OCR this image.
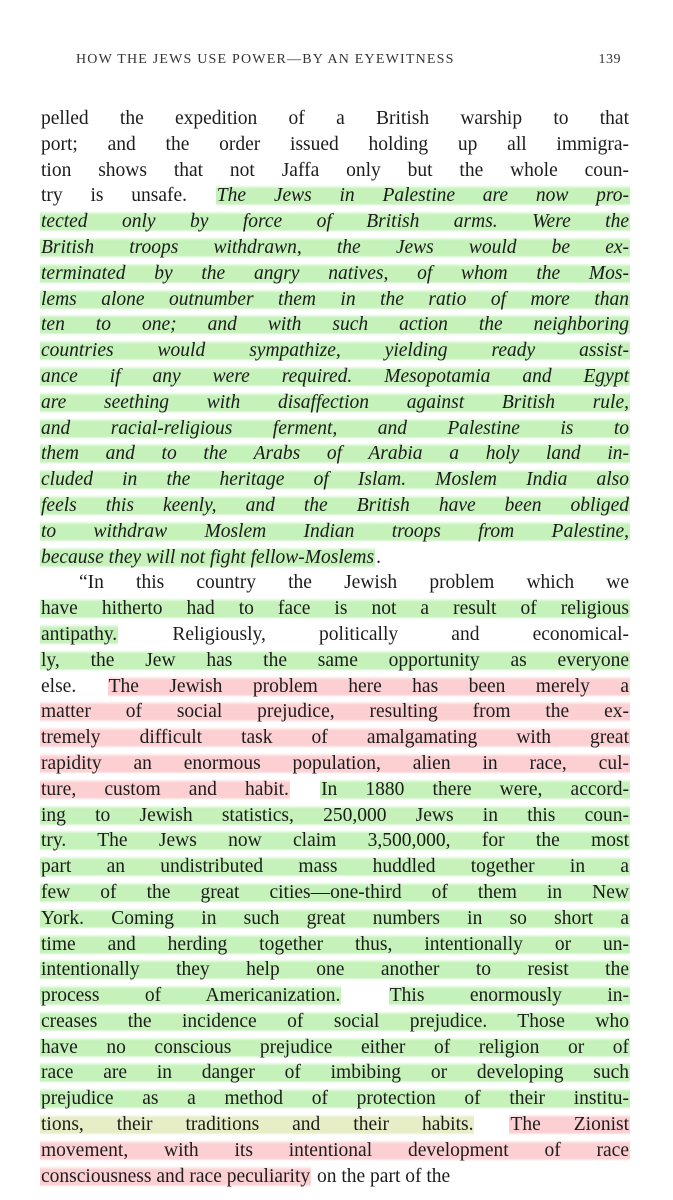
HOW THE JEWS USE POWER—BY AN EYEWITNESS	139
pelled the expedition of a British warship to that
port; and the order issued holding up all immigra-
tion shows that not Jaffa only but the whole coun-
try is unsafe. The Jews in Palestine are now pro-
tected only by force of British arms. Were the
British troops withdrawn, the Jews would be ex-
terminated by the angry natives, of whom the Mos-
lems alone outnumber them in the ratio of more than
ten to one; and with such action the neighboring
countries would sympathize, yielding ready assist-
ance if any were required. Mesopotamia and Egypt
are seething with disaffection against British rule,
and racial-religious ferment, and Palestine is to
them and to the Arabs of Arabia a holy land in-
cluded in the heritage of Islam. Moslem India also
feels this keenly, and the British have been obliged
to withdraw Moslem Indian troops from Palestine,
because they will not fight fellow-Moslems .
“In this country the Jewish problem which we
have hitherto had to face is not a result of religious
antipathy. Religiously, politically and economical-
ly, the Jew has the same opportunity as everyone
else. The Jewish problem here has been merely a
matter of social prejudice, resulting from the ex-
tremely difficult task of amalgamating with great
rapidity an enormous population, alien in race, cul-
ture, custom and habit. In 1880 there were, accord-
ing to Jewish statistics, 250,000 Jews in this coun-
try. The Jews now claim 3,500,000, for the most
part an undistributed mass huddled together in a
few of the great cities—one-third of them in New
York. Coming in such great numbers in so short a
time and herding together thus, intentionally or un-
intentionally they help one another to resist the
process of Americanization.	This enormously in-
creases the incidence of social prejudice. Those who
have no conscious prejudice either of religion or of
race are in danger of imbibing or developing such
prejudice as a method of protection of their institu-
tions, their traditions and their habits. The Zionist
movement, with its intentional development of race
consciousness and race peculiarity on the part of the
